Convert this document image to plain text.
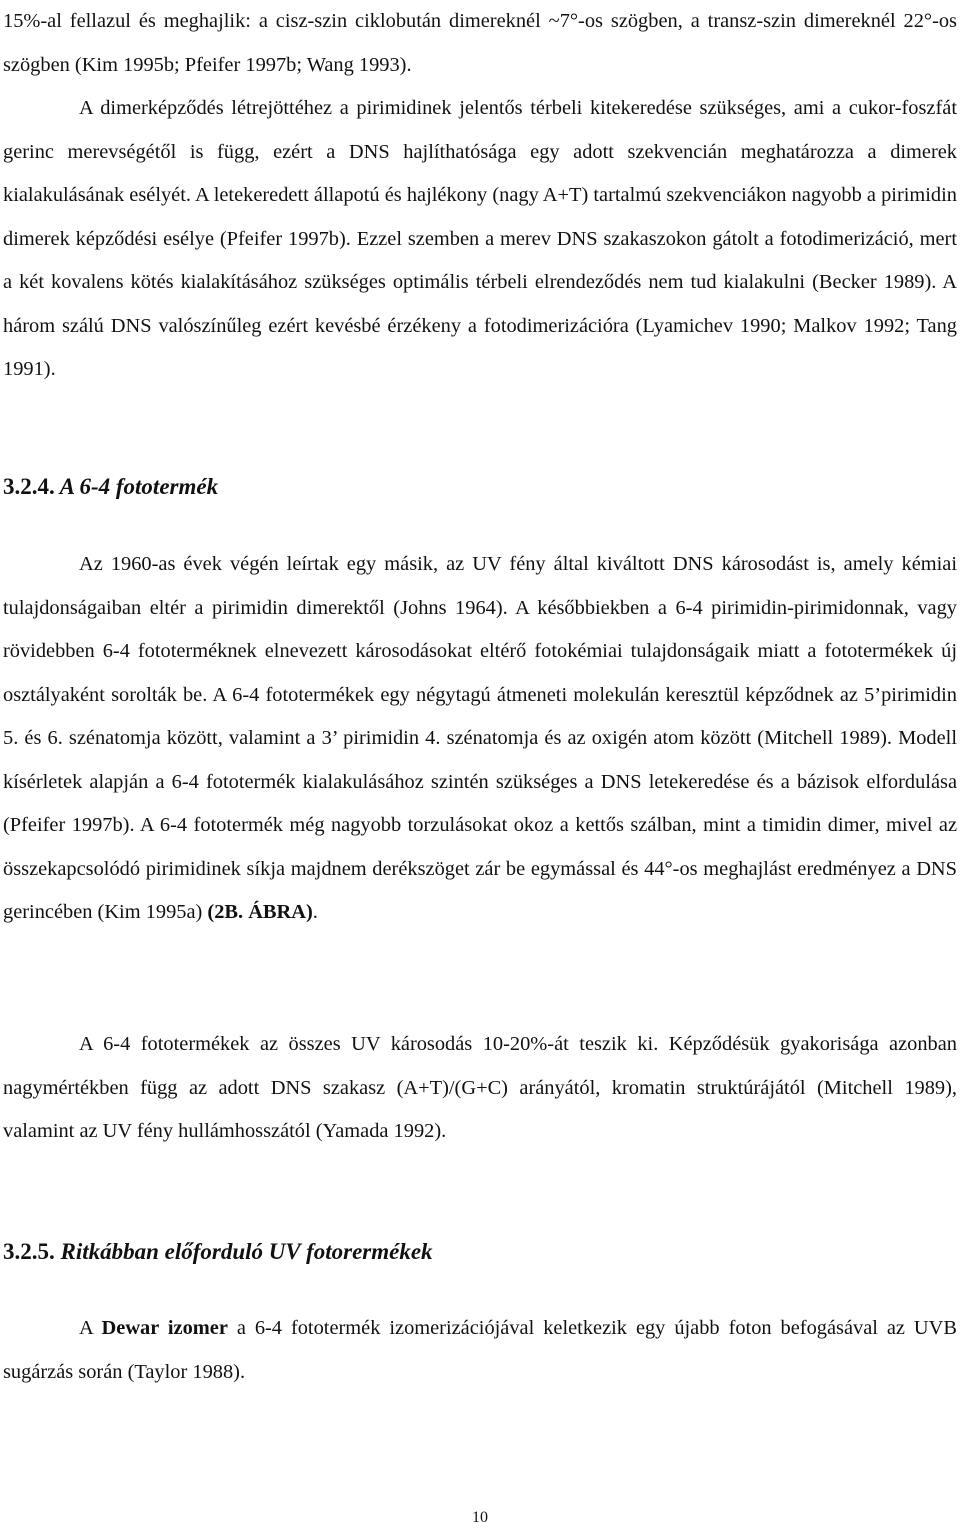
15%-al fellazul és meghajlik: a cisz-szin ciklobután dimereknél ~7°-os szögben, a transz-szin dimereknél 22°-os szögben (Kim 1995b; Pfeifer 1997b; Wang 1993).

A dimerképződés létrejöttéhez a pirimidinek jelentős térbeli kitekeredése szükséges, ami a cukor-foszfát gerinc merevségétől is függ, ezért a DNS hajlíthatósága egy adott szekvencián meghatározza a dimerek kialakulásának esélyét. A letekeredett állapotú és hajlékony (nagy A+T) tartalmú szekvenciákon nagyobb a pirimidin dimerek képződési esélye (Pfeifer 1997b). Ezzel szemben a merev DNS szakaszokon gátolt a fotodimerizáció, mert a két kovalens kötés kialakításához szükséges optimális térbeli elrendeződés nem tud kialakulni (Becker 1989). A három szálú DNS valószínűleg ezért kevésbé érzékeny a fotodimerizációra (Lyamichev 1990; Malkov 1992; Tang 1991).

3.2.4. A 6-4 fototermék

Az 1960-as évek végén leírtak egy másik, az UV fény által kiváltott DNS károsodást is, amely kémiai tulajdonságaiban eltér a pirimidin dimerektől (Johns 1964). A későbbiekben a 6-4 pirimidin-pirimidonnak, vagy rövidebben 6-4 fototerméknek elnevezett károsodásokat eltérő fotokémiai tulajdonságaik miatt a fototermékek új osztályaként sorolták be. A 6-4 fototermékek egy négytagú átmeneti molekulán keresztül képződnek az 5’pirimidin 5. és 6. szénatomja között, valamint a 3’ pirimidin 4. szénatomja és az oxigén atom között (Mitchell 1989). Modell kísérletek alapján a 6-4 fototermék kialakulásához szintén szükséges a DNS letekeredése és a bázisok elfordulása (Pfeifer 1997b). A 6-4 fototermék még nagyobb torzulásokat okoz a kettős szálban, mint a timidin dimer, mivel az összekapcsolódó pirimidinek síkja majdnem derékszöget zár be egymással és 44°-os meghajlást eredményez a DNS gerincében (Kim 1995a) (2B. ÁBRA).

A 6-4 fototermékek az összes UV károsodás 10-20%-át teszik ki. Képződésük gyakorisága azonban nagymértékben függ az adott DNS szakasz (A+T)/(G+C) arányától, kromatin struktúrájától (Mitchell 1989), valamint az UV fény hullámhosszától (Yamada 1992).

3.2.5. Ritkábban előforduló UV fotorermékek

A Dewar izomer a 6-4 fototermék izomerizációjával keletkezik egy újabb foton befogásával az UVB sugárzás során (Taylor 1988).

10
